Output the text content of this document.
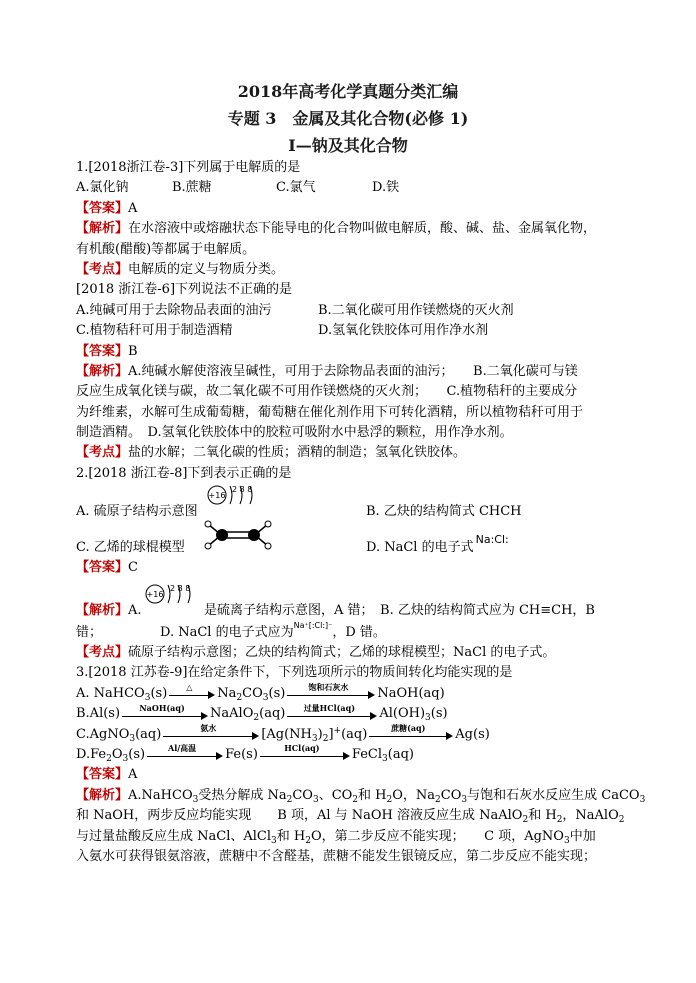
2018年高考化学真题分类汇编
专题 3　金属及其化合物(必修 1)
Ⅰ—钠及其化合物
1.[2018浙江卷-3]下列属于电解质的是
A.氯化钠	B.蔗糖	C.氯气	D.铁
【答案】A
【解析】在水溶液中或熔融状态下能导电的化合物叫做电解质，酸、碱、盐、金属氧化物，
有机酸(醋酸)等都属于电解质。
【考点】电解质的定义与物质分类。
[2018 浙江卷-6]下列说法不正确的是
A.纯碱可用于去除物品表面的油污	B.二氧化碳可用作镁燃烧的灭火剂
C.植物秸秆可用于制造酒精	D.氢氧化铁胶体可用作净水剂
【答案】B
【解析】A.纯碱水解使溶液呈碱性，可用于去除物品表面的油污；　　B.二氧化碳可与镁
反应生成氧化镁与碳，故二氧化碳不可用作镁燃烧的灭火剂；　　C.植物秸秆的主要成分
为纤维素，水解可生成葡萄糖，葡萄糖在催化剂作用下可转化酒精，所以植物秸秆可用于
制造酒精。　D.氢氧化铁胶体中的胶粒可吸附水中悬浮的颗粒，用作净水剂。
【考点】盐的水解；二氧化碳的性质；酒精的制造；氢氧化铁胶体。
2.[2018 浙江卷-8]下到表示正确的是
+16
2 8 8
A. 硫原子结构示意图	B. 乙炔的结构简式 CHCH
C. 乙烯的球棍模型	D. NaCl 的电子式$^{Na:Cl:}$
【答案】C
+16
2 8 8
【解析】A.	是硫离子结构示意图，A 错；　B. 乙炔的结构简式应为 CH≡CH，B
错；	D. NaCl 的电子式应为$^{Na^+[:Cl:]^-}$，D 错。
【考点】硫原子结构示意图；乙炔的结构简式；乙烯的球棍模型；NaCl 的电子式。
3.[2018 江苏卷-9]在给定条件下，下列选项所示的物质间转化均能实现的是
A. NaHCO$_3$(s)	△	$Na_2CO_3(s)$	饱和石灰水	NaOH(aq)
B.Al(s)	NaOH(aq)	NaAlO$_2$(aq)	过量HCl(aq)	$Al(OH)_3(s)$
C.AgNO$_3$(aq)	氨水	$[Ag(NH_3)_2]^+(aq)$	蔗糖(aq)	Ag(s)
$D.Fe_2O_3(s)$	Al/高温	Fe(s)	HCl(aq)	FeCl$_3$(aq)
【答案】A
【解析】A.NaHCO$_3$受热分解成 $Na_2CO_3$、$CO_2$和 $H_2O$，$Na_2CO_3$与饱和石灰水反应生成 CaCO$_3$
和 NaOH，两步反应均能实现　　B 项，Al 与 NaOH 溶液反应生成 NaAlO$_2$和 $H_2$，NaAlO$_2$
与过量盐酸反应生成 NaCl、AlCl$_3$和 $H_2O$，第二步反应不能实现；　　C 项，AgNO$_3$中加
入氨水可获得银氨溶液，蔗糖中不含醛基，蔗糖不能发生银镜反应，第二步反应不能实现；
